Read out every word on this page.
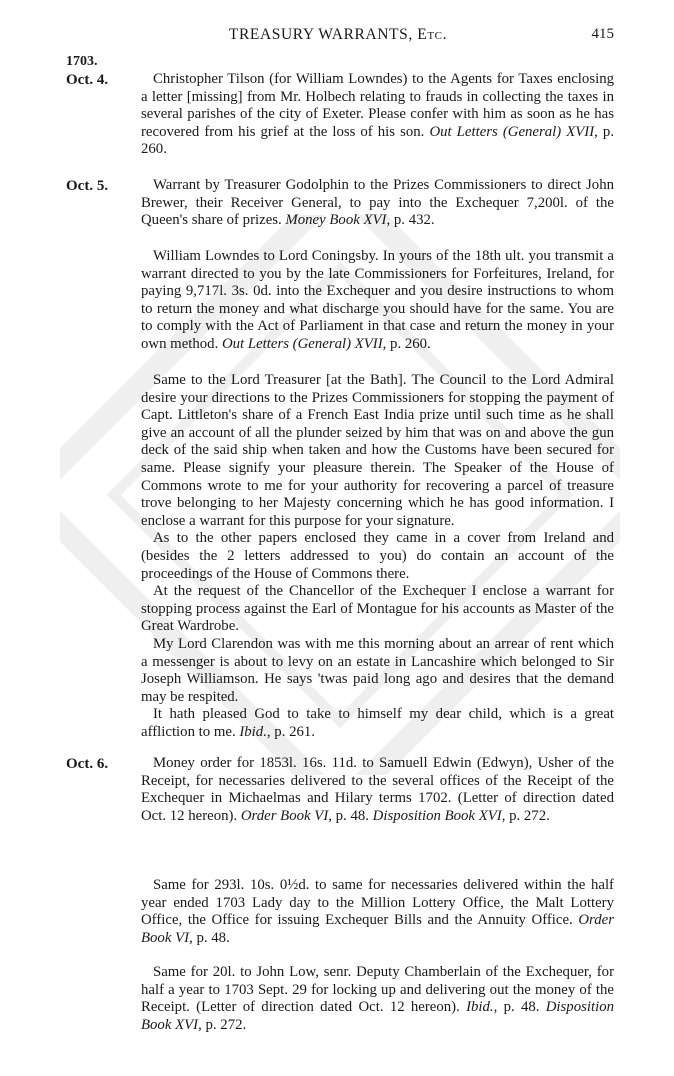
TREASURY WARRANTS, Etc.	415
1703.
Oct. 4.	Christopher Tilson (for William Lowndes) to the Agents for Taxes enclosing a letter [missing] from Mr. Holbech relating to frauds in collecting the taxes in several parishes of the city of Exeter. Please confer with him as soon as he has recovered from his grief at the loss of his son. Out Letters (General) XVII, p. 260.
Oct. 5.	Warrant by Treasurer Godolphin to the Prizes Commissioners to direct John Brewer, their Receiver General, to pay into the Exchequer 7,200l. of the Queen's share of prizes. Money Book XVI, p. 432.
William Lowndes to Lord Coningsby. In yours of the 18th ult. you transmit a warrant directed to you by the late Commissioners for Forfeitures, Ireland, for paying 9,717l. 3s. 0d. into the Exchequer and you desire instructions to whom to return the money and what discharge you should have for the same. You are to comply with the Act of Parliament in that case and return the money in your own method. Out Letters (General) XVII, p. 260.
Same to the Lord Treasurer [at the Bath]. The Council to the Lord Admiral desire your directions to the Prizes Commissioners for stopping the payment of Capt. Littleton's share of a French East India prize until such time as he shall give an account of all the plunder seized by him that was on and above the gun deck of the said ship when taken and how the Customs have been secured for same. Please signify your pleasure therein. The Speaker of the House of Commons wrote to me for your authority for recovering a parcel of treasure trove belonging to her Majesty concerning which he has good information. I enclose a warrant for this purpose for your signature.
As to the other papers enclosed they came in a cover from Ireland and (besides the 2 letters addressed to you) do contain an account of the proceedings of the House of Commons there.
At the request of the Chancellor of the Exchequer I enclose a warrant for stopping process against the Earl of Montague for his accounts as Master of the Great Wardrobe.
My Lord Clarendon was with me this morning about an arrear of rent which a messenger is about to levy on an estate in Lancashire which belonged to Sir Joseph Williamson. He says 'twas paid long ago and desires that the demand may be respited.
It hath pleased God to take to himself my dear child, which is a great affliction to me. Ibid., p. 261.
Oct. 6.	Money order for 1853l. 16s. 11d. to Samuell Edwin (Edwyn), Usher of the Receipt, for necessaries delivered to the several offices of the Receipt of the Exchequer in Michaelmas and Hilary terms 1702. (Letter of direction dated Oct. 12 hereon). Order Book VI, p. 48. Disposition Book XVI, p. 272.
Same for 293l. 10s. 0½d. to same for necessaries delivered within the half year ended 1703 Lady day to the Million Lottery Office, the Malt Lottery Office, the Office for issuing Exchequer Bills and the Annuity Office. Order Book VI, p. 48.
Same for 20l. to John Low, senr. Deputy Chamberlain of the Exchequer, for half a year to 1703 Sept. 29 for locking up and delivering out the money of the Receipt. (Letter of direction dated Oct. 12 hereon). Ibid., p. 48. Disposition Book XVI, p. 272.
